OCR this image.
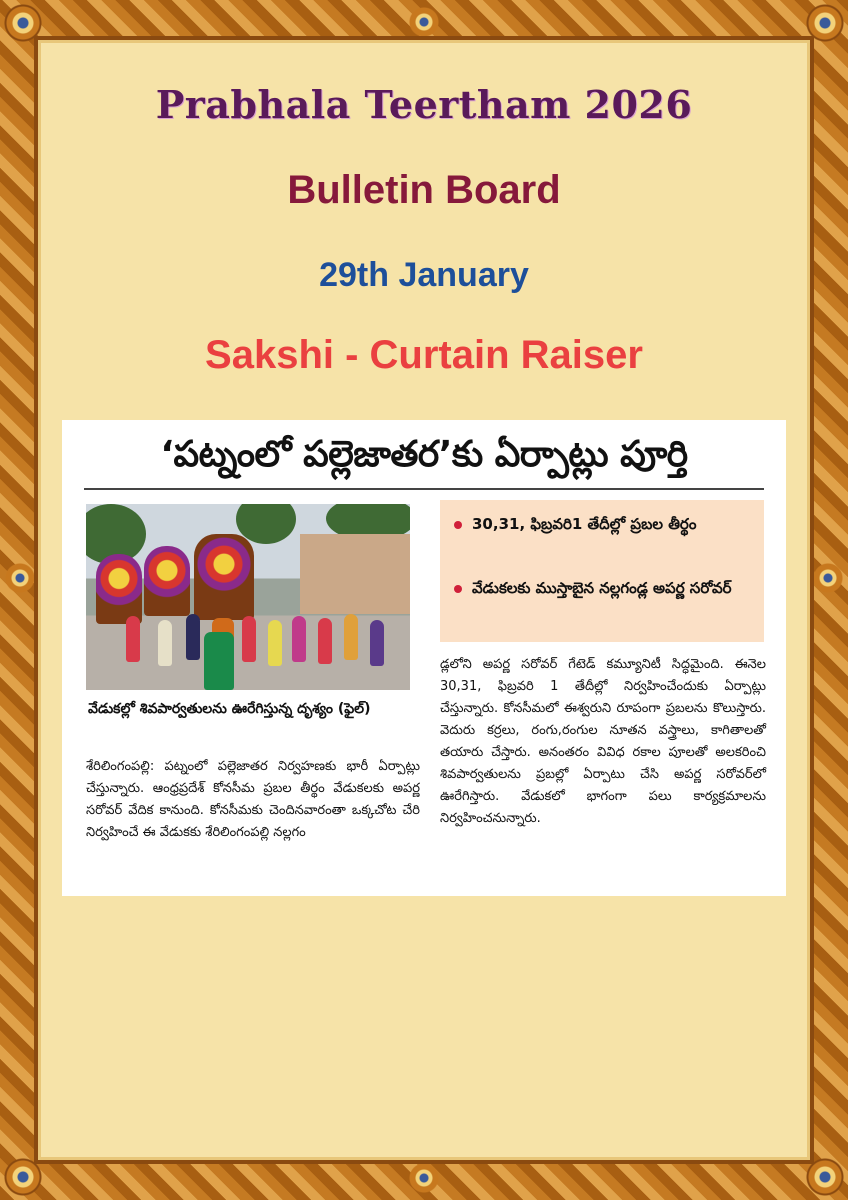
Prabhala Teertham 2026
Bulletin Board
29th January
Sakshi - Curtain Raiser
‘పట్నంలో పల్లెజాతర’కు ఏర్పాట్లు పూర్తి
వేడుకల్లో శివపార్వతులను ఊరేగిస్తున్న దృశ్యం (ఫైల్)
30,31, ఫిబ్రవరి1 తేదీల్లో ప్రబల తీర్థం
వేడుకలకు ముస్తాబైన నల్లగండ్ల అపర్ణ సరోవర్
శేరిలింగంపల్లి: పట్నంలో పల్లెజాతర నిర్వహణకు భారీ ఏర్పాట్లు చేస్తున్నారు. ఆంధ్రప్రదేశ్ కోనసీమ ప్రబల తీర్థం వేడుకలకు అపర్ణ సరోవర్ వేదిక కానుంది. కోనసీమకు చెందినవారంతా ఒక్కచోట చేరి నిర్వహించే ఈ వేడుకకు శేరిలింగంపల్లి నల్లగం
డ్లలోని అపర్ణ సరోవర్ గేటెడ్ కమ్యూనిటీ సిద్ధమైంది. ఈనెల 30,31, ఫిబ్రవరి 1 తేదీల్లో నిర్వహించేందుకు ఏర్పాట్లు చేస్తున్నారు. కోనసీమలో ఈశ్వరుని రూపంగా ప్రబలను కొలుస్తారు. వెదురు కర్రలు, రంగు,రంగుల నూతన వస్త్రాలు, కాగితాలతో తయారు చేస్తారు. అనంతరం వివిధ రకాల పూలతో అలకరించి శివపార్వతులను ప్రబల్లో ఏర్పాటు చేసి అపర్ణ సరోవర్‌లో ఊరేగిస్తారు. వేడుకలో భాగంగా పలు కార్యక్రమాలను నిర్వహించనున్నారు.
